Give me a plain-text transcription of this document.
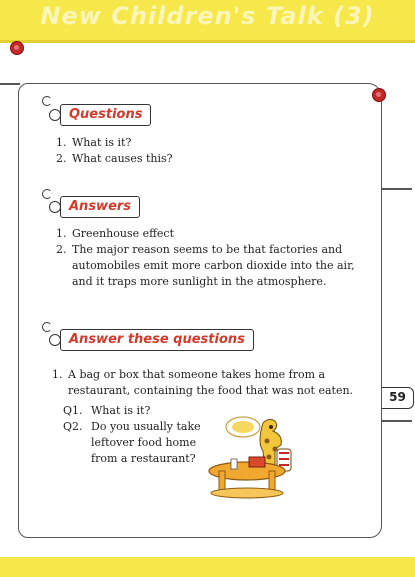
New Children's Talk (3)
Questions
1. What is it?
2. What causes this?
Answers
1. Greenhouse effect
2. The major reason seems to be that factories and
automobiles emit more carbon dioxide into the air,
and it traps more sunlight in the atmosphere.
Answer these questions
1. A bag or box that someone takes home from a
restaurant, containing the food that was not eaten.
Q1. What is it?
Q2. Do you usually take
leftover food home
from a restaurant?
59
